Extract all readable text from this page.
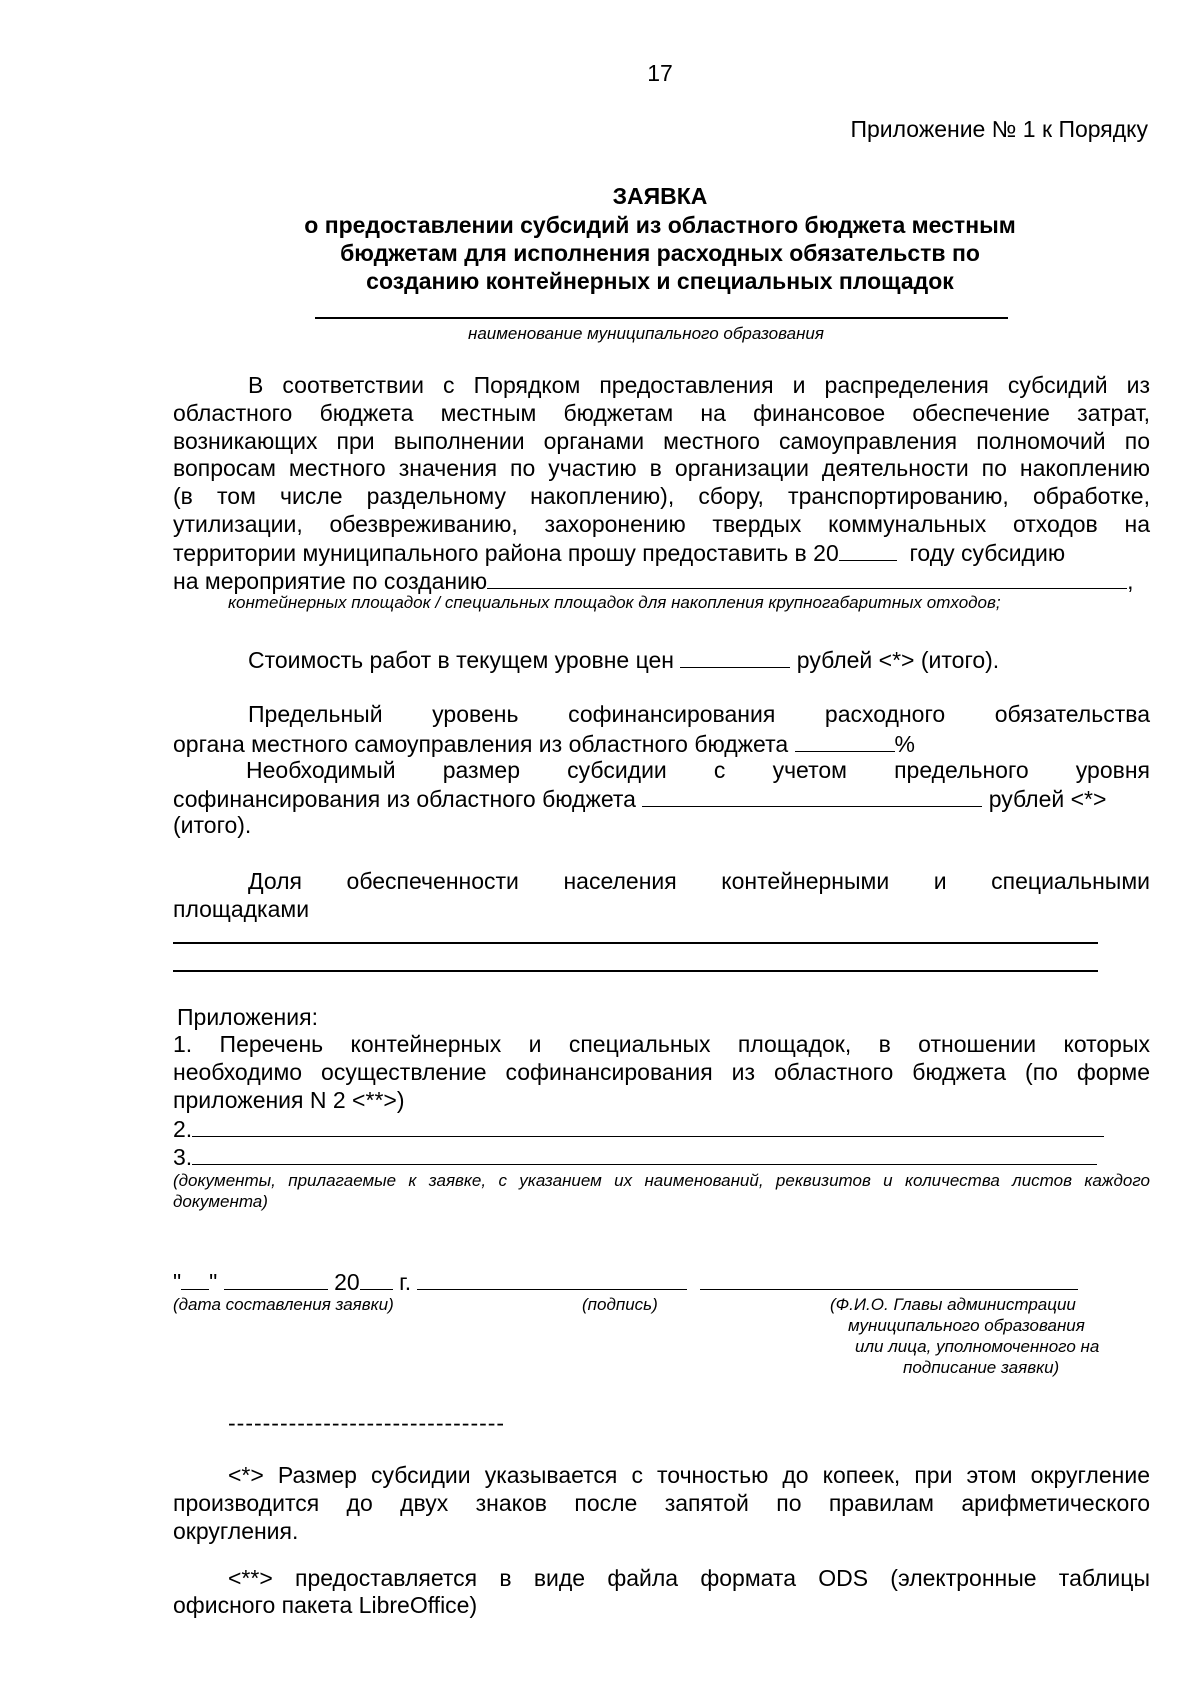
17
Приложение № 1 к Порядку
ЗАЯВКА
о предоставлении субсидий из областного бюджета местным
бюджетам для исполнения расходных обязательств по
созданию контейнерных и специальных площадок
наименование муниципального образования
В соответствии с Порядком предоставления и распределения субсидий из
областного бюджета местным бюджетам на финансовое обеспечение затрат,
возникающих при выполнении органами местного самоуправления полномочий по
вопросам местного значения по участию в организации деятельности по накоплению
(в том числе раздельному накоплению), сбору, транспортированию, обработке,
утилизации, обезвреживанию, захоронению твердых коммунальных отходов на
территории муниципального района прошу предоставить в 20	году субсидию
на мероприятие по созданию	,
контейнерных площадок / специальных площадок для накопления крупногабаритных отходов;
Стоимость работ в текущем уровне цен	рублей <*> (итого).
Предельный уровень софинансирования расходного обязательства
органа местного самоуправления из областного бюджета	%
Необходимый размер субсидии с учетом предельного уровня
софинансирования из областного бюджета	рублей <*>
(итого).
Доля обеспеченности населения контейнерными и специальными
площадками
Приложения:
1. Перечень контейнерных и специальных площадок, в отношении которых
необходимо осуществление софинансирования из областного бюджета (по форме
приложения N 2 <**>)
2.
3.
(документы, прилагаемые к заявке, с указанием их наименований, реквизитов и количества листов каждого
документа)
" "	20 г.
(дата составления заявки)	(подпись)	(Ф.И.О. Главы администрации
муниципального образования
или лица, уполномоченного на
подписание заявки)
--------------------------------
<*> Размер субсидии указывается с точностью до копеек, при этом округление
производится до двух знаков после запятой по правилам арифметического
округления.
<**> предоставляется в виде файла формата ODS (электронные таблицы
офисного пакета LibreOffice)
